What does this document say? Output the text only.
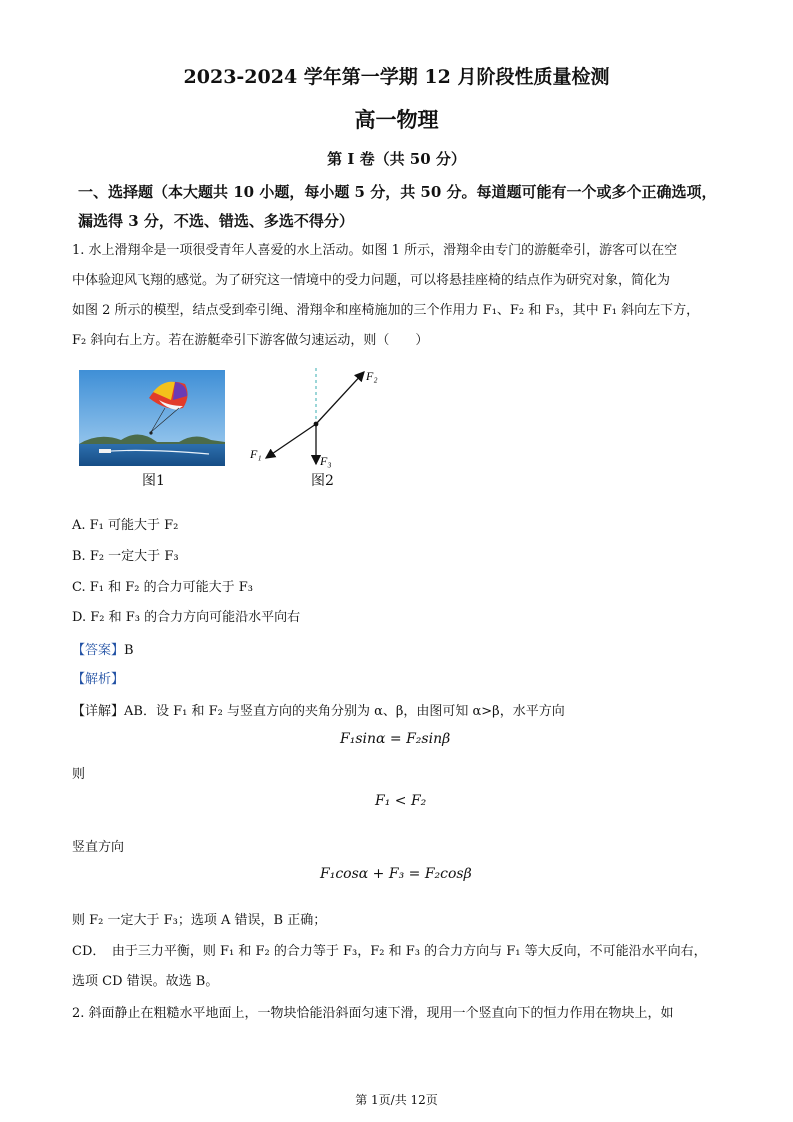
2023-2024 学年第一学期 12 月阶段性质量检测
高一物理
第 I 卷（共 50 分）
一、选择题（本大题共 10 小题，每小题 5 分，共 50 分。每道题可能有一个或多个正确选项，
漏选得 3 分，不选、错选、多选不得分）
1. 水上滑翔伞是一项很受青年人喜爱的水上活动。如图 1 所示，滑翔伞由专门的游艇牵引，游客可以在空
中体验迎风飞翔的感觉。为了研究这一情境中的受力问题，可以将悬挂座椅的结点作为研究对象，简化为
如图 2 所示的模型，结点受到牵引绳、滑翔伞和座椅施加的三个作用力 F₁、F₂ 和 F₃，其中 F₁ 斜向左下方，
F₂ 斜向右上方。若在游艇牵引下游客做匀速运动，则（　　）
F₂
F₁	F₃
图1	图2
A. F₁ 可能大于 F₂
B. F₂ 一定大于 F₃
C. F₁ 和 F₂ 的合力可能大于 F₃
D. F₂ 和 F₃ 的合力方向可能沿水平向右
【答案】B
【解析】
【详解】AB．设 F₁ 和 F₂ 与竖直方向的夹角分别为 α、β，由图可知 α>β，水平方向
F₁sinα = F₂sinβ
则
F₁ < F₂
竖直方向
F₁cosα + F₃ = F₂cosβ
则 F₂ 一定大于 F₃；选项 A 错误，B 正确；
CD．　由于三力平衡，则 F₁ 和 F₂ 的合力等于 F₃，F₂ 和 F₃ 的合力方向与 F₁ 等大反向，不可能沿水平向右，
选项 CD 错误。故选 B。
2. 斜面静止在粗糙水平地面上，一物块恰能沿斜面匀速下滑，现用一个竖直向下的恒力作用在物块上，如
第 1页/共 12页
